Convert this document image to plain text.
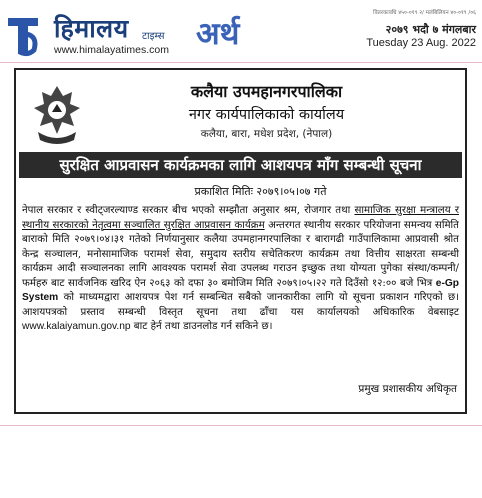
हिमालय टाइम्स
www.himalayatimes.com अर्थ
वितरकावधि ४५०-०१९ २/ मलंबिलियन ४०-०१९ /०६
२०७९ भदौ ७ मंगलबार
Tuesday 23 Aug. 2022
कलैया उपमहानगरपालिका
नगर कार्यपालिकाको कार्यालय
कलैया, बारा, मधेश प्रदेश, (नेपाल)
सुरक्षित आप्रवासन कार्यक्रमका लागि आशयपत्र माँग सम्बन्धी सूचना
प्रकाशित मितिः २०७९।०५।०७ गते

नेपाल सरकार र स्वीट्जरल्याण्ड सरकार बीच भएको सम्झौता अनुसार श्रम, रोजगार तथा सामाजिक सुरक्षा मन्त्रालय र स्थानीय सरकारको नेतृत्वमा सञ्चालित सुरक्षित आप्रवासन कार्यक्रम अन्तरगत स्थानीय सरकार परियोजना समन्वय समिति बाराको मिति २०७९।०४।३१ गतेको निर्णयानुसार कलैया उपमहानगरपालिका र बारागढी गाउँपालिकामा आप्रवासी श्रोत केन्द्र सञ्चालन, मनोसामाजिक परामर्श सेवा, समुदाय स्तरीय सचेतिकरण कार्यक्रम तथा वित्तीय साक्षरता सम्बन्धी कार्यक्रम आदी सञ्चालनका लागि आवश्यक परामर्श सेवा उपलब्ध गराउन इच्छुक तथा योग्यता पुगेका संस्था/कम्पनी/ फर्महरु बाट सार्वजनिक खरिद ऐन २०६३ को दफा ३० बमोजिम मिति २०७९।०५।२२ गते दिउँसो १२:०० बजे भित्र e-Gp System को माध्यमद्वारा आशयपत्र पेश गर्न सम्बन्धित सबैको जानकारीका लागि यो सूचना प्रकाशन गरिएको छ। आशयपत्रको प्रस्ताव सम्बन्धी विस्तृत सूचना तथा ढाँचा यस कार्यालयको अधिकारिक वेबसाइट www.kalaiyamun.gov.np बाट हेर्न तथा डाउनलोड गर्न सकिने छ।

प्रमुख प्रशासकीय अधिकृत
